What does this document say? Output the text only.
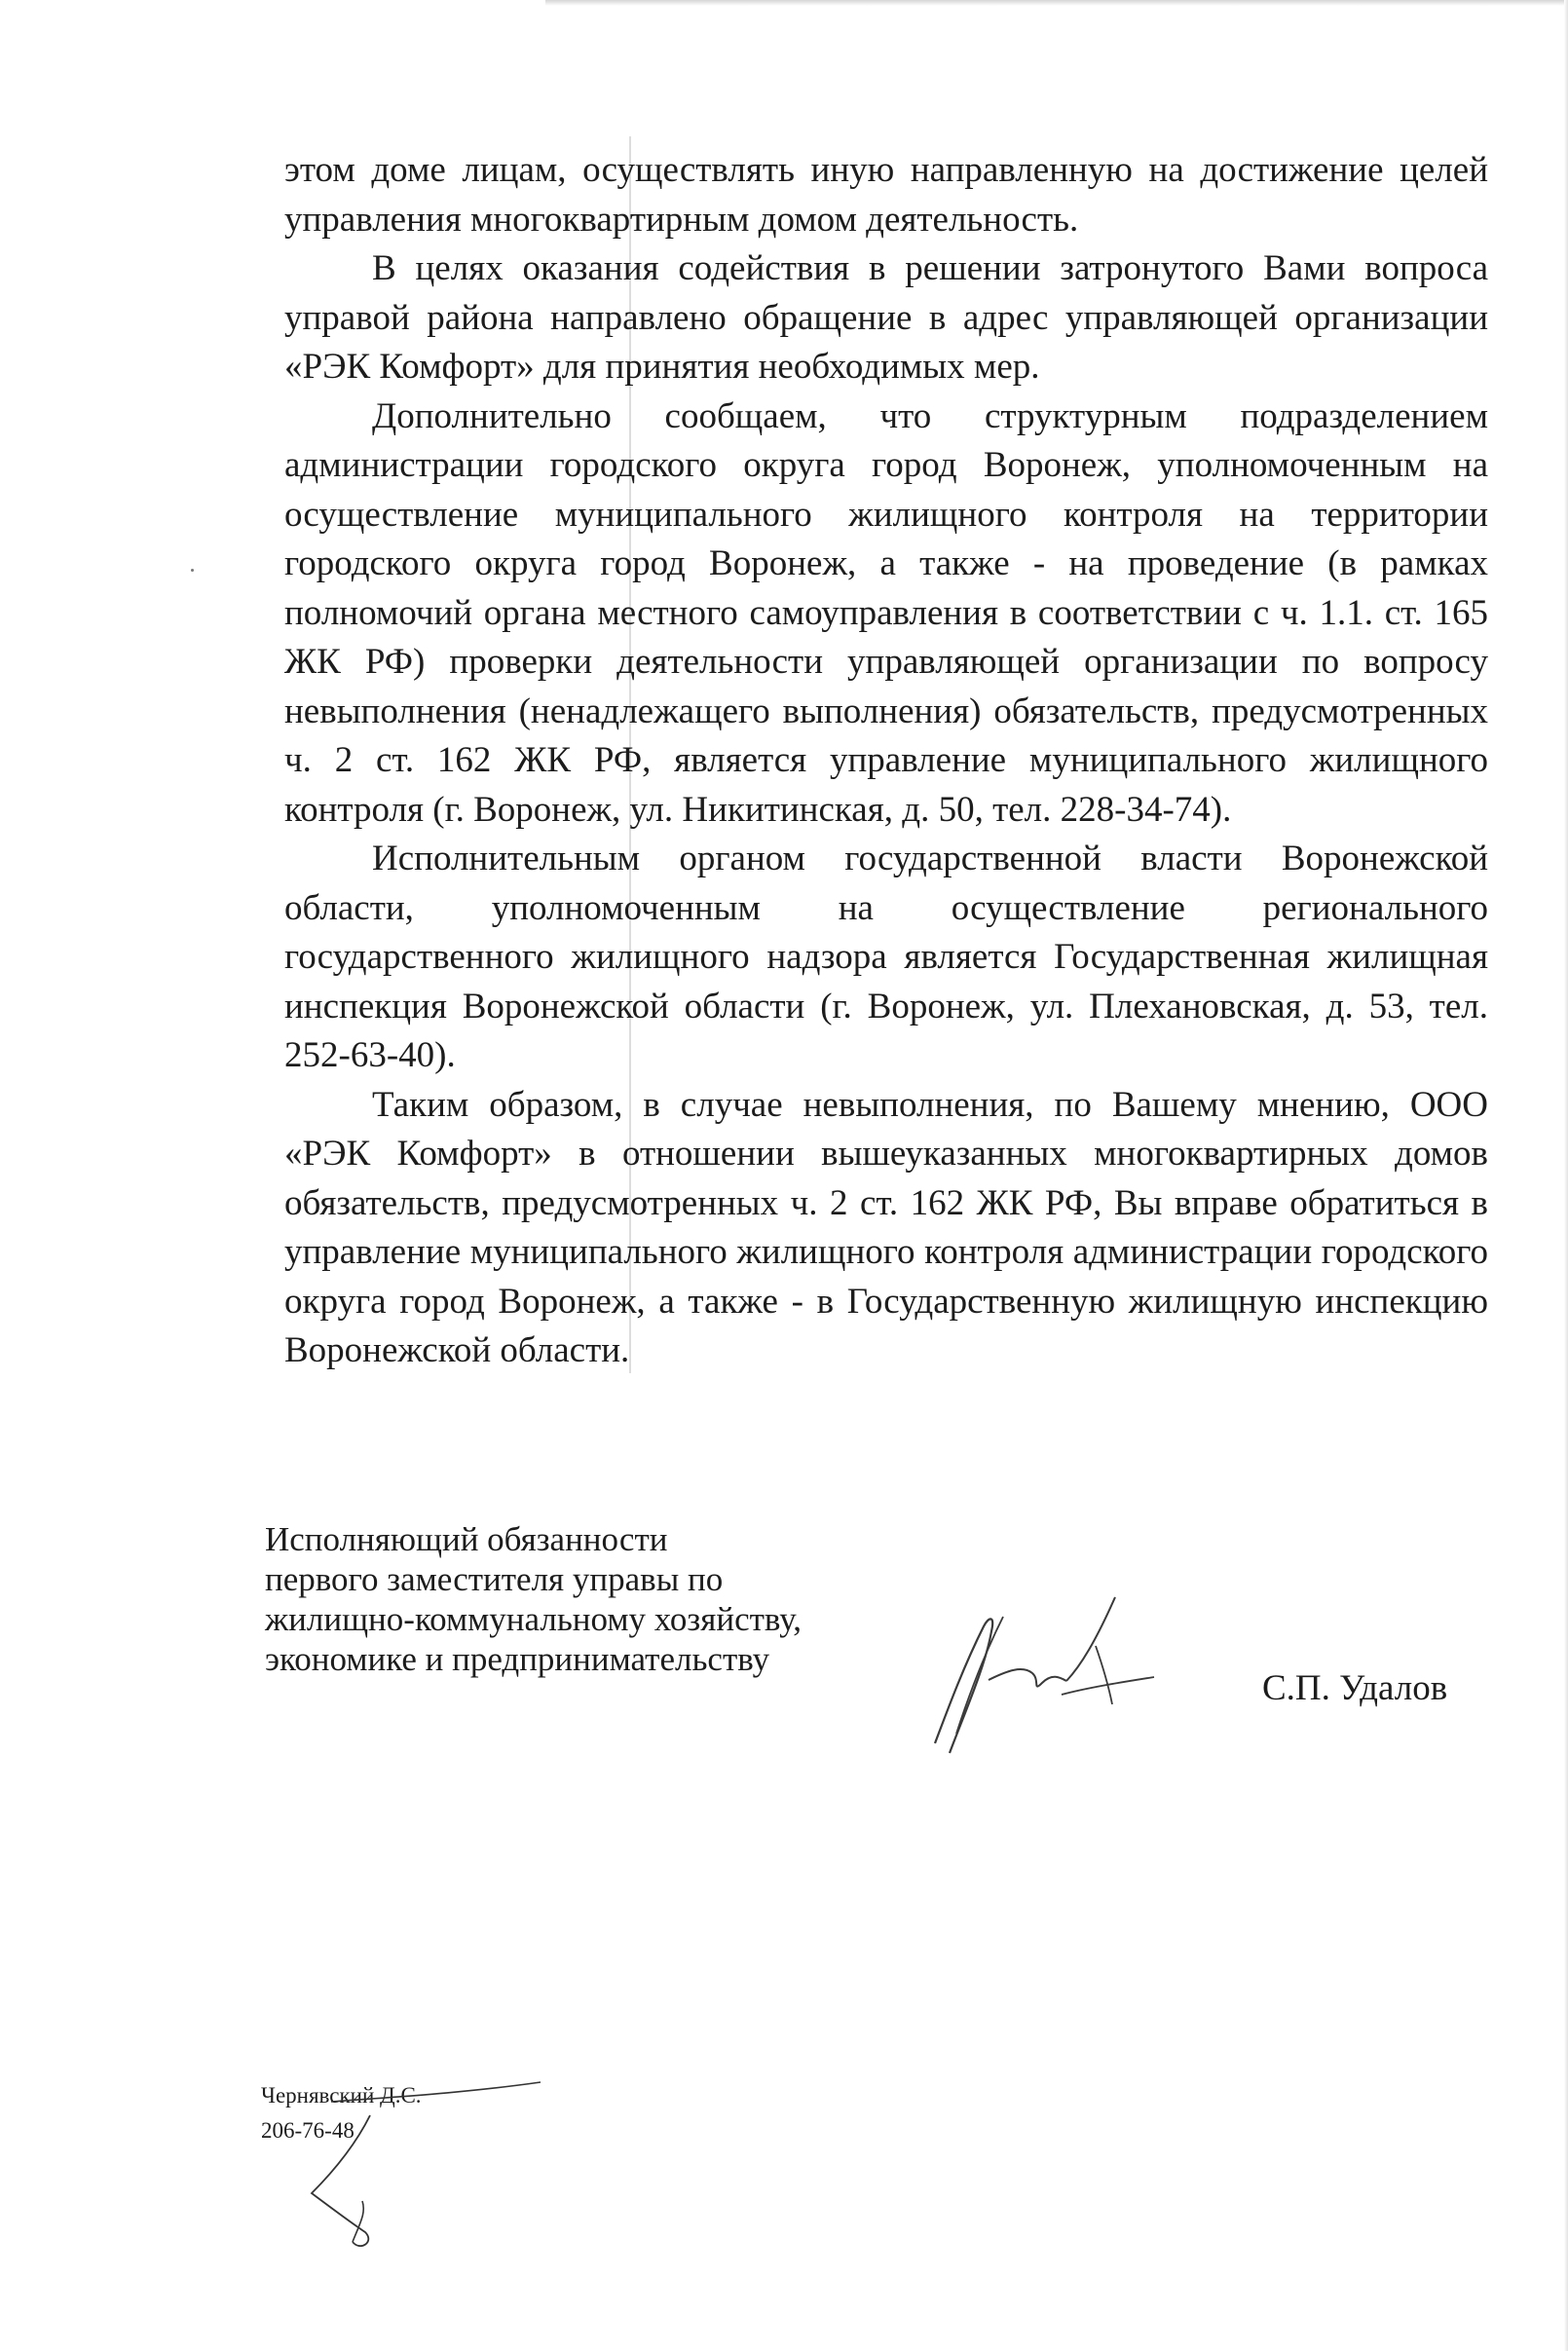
этом доме лицам, осуществлять иную направленную на достижение целей управления многоквартирным домом деятельность.

В целях оказания содействия в решении затронутого Вами вопроса управой района направлено обращение в адрес управляющей организации «РЭК Комфорт» для принятия необходимых мер.

Дополнительно сообщаем, что структурным подразделением администрации городского округа город Воронеж, уполномоченным на осуществление муниципального жилищного контроля на территории городского округа город Воронеж, а также - на проведение (в рамках полномочий органа местного самоуправления в соответствии с ч. 1.1. ст. 165 ЖК РФ) проверки деятельности управляющей организации по вопросу невыполнения (ненадлежащего выполнения) обязательств, предусмотренных ч. 2 ст. 162 ЖК РФ, является управление муниципального жилищного контроля (г. Воронеж, ул. Никитинская, д. 50, тел. 228-34-74).

Исполнительным органом государственной власти Воронежской области, уполномоченным на осуществление регионального государственного жилищного надзора является Государственная жилищная инспекция Воронежской области (г. Воронеж, ул. Плехановская, д. 53, тел. 252-63-40).

Таким образом, в случае невыполнения, по Вашему мнению, ООО «РЭК Комфорт» в отношении вышеуказанных многоквартирных домов обязательств, предусмотренных ч. 2 ст. 162 ЖК РФ, Вы вправе обратиться в управление муниципального жилищного контроля администрации городского округа город Воронеж, а также - в Государственную жилищную инспекцию Воронежской области.

Исполняющий обязанности
первого заместителя управы по
жилищно-коммунальному хозяйству,
экономике и предпринимательству
С.П. Удалов
Чернявский Д.С.
206-76-48
